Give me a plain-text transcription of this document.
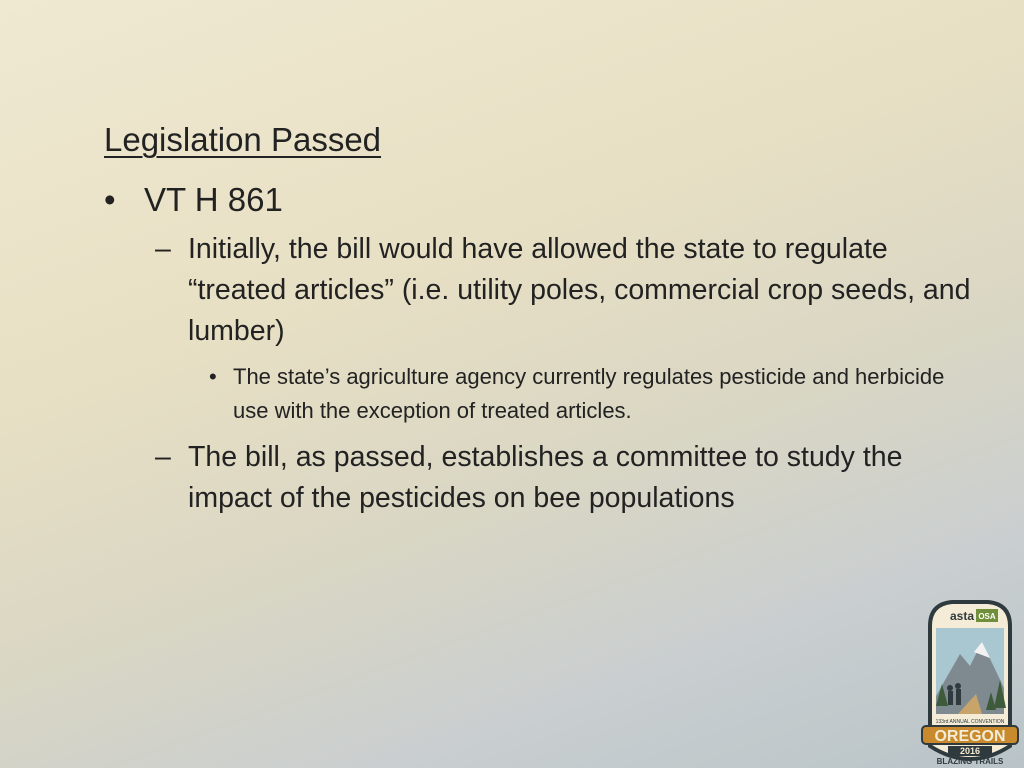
Legislation Passed
• VT H 861
– Initially, the bill would have allowed the state to regulate “treated articles” (i.e. utility poles, commercial crop seeds, and lumber)
• The state’s agriculture agency currently regulates pesticide and herbicide use with the exception of treated articles.
– The bill, as passed, establishes a committee to study the impact of the pesticides on bee populations
asta OSA
133rd ANNUAL CONVENTION
OREGON
2016
BLAZING TRAILS
